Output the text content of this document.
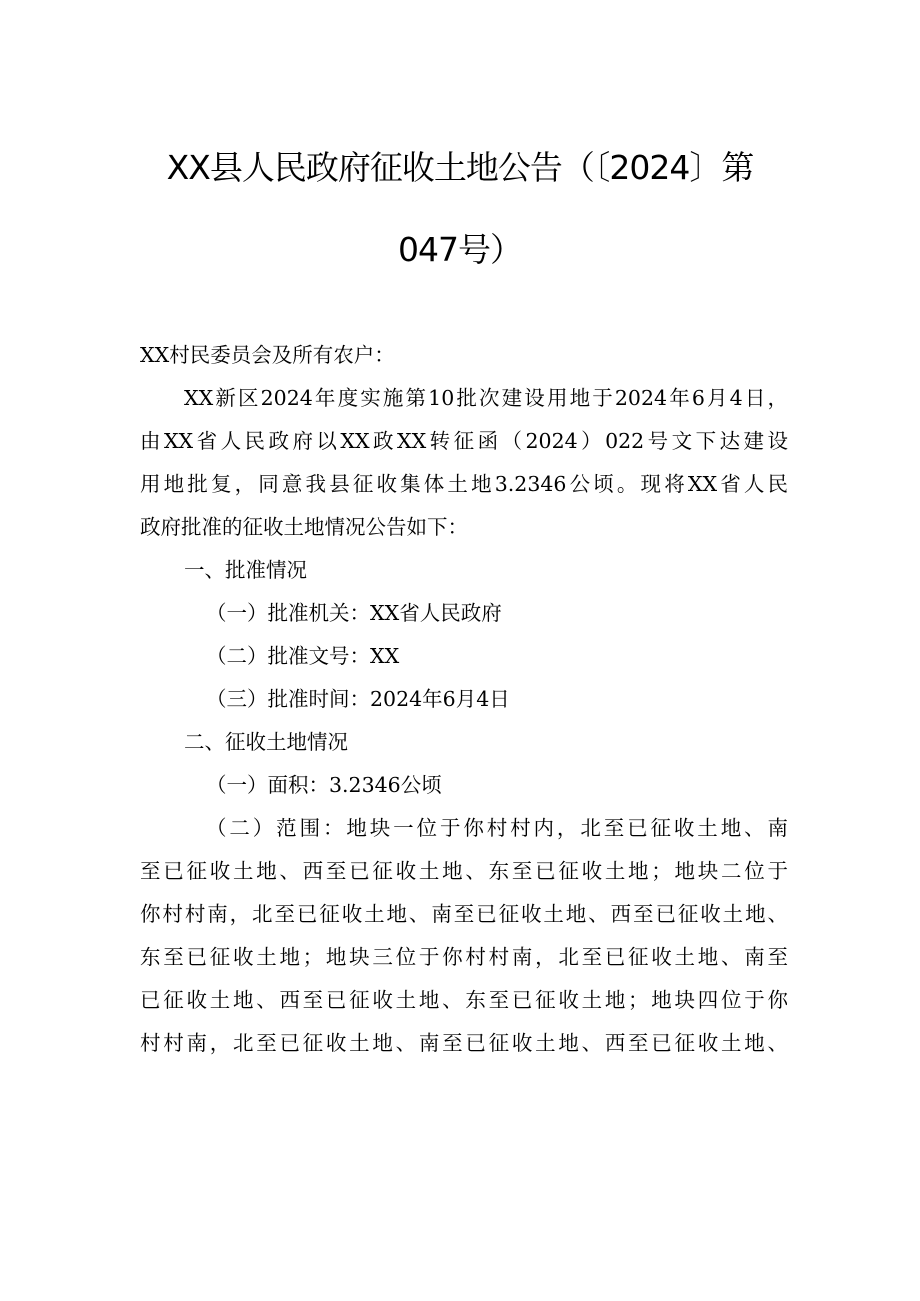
XX县人民政府征收土地公告（〔2024〕第
047号）
XX村民委员会及所有农户：
XX新区2024年度实施第10批次建设用地于2024年6月4日，
由XX省人民政府以XX政XX转征函（2024）022号文下达建设
用地批复，同意我县征收集体土地3.2346公顷。现将XX省人民
政府批准的征收土地情况公告如下：
一、批准情况
（一）批准机关：XX省人民政府
（二）批准文号：XX
（三）批准时间：2024年6月4日
二、征收土地情况
（一）面积：3.2346公顷
（二）范围：地块一位于你村村内，北至已征收土地、南
至已征收土地、西至已征收土地、东至已征收土地；地块二位于
你村村南，北至已征收土地、南至已征收土地、西至已征收土地、
东至已征收土地；地块三位于你村村南，北至已征收土地、南至
已征收土地、西至已征收土地、东至已征收土地；地块四位于你
村村南，北至已征收土地、南至已征收土地、西至已征收土地、
